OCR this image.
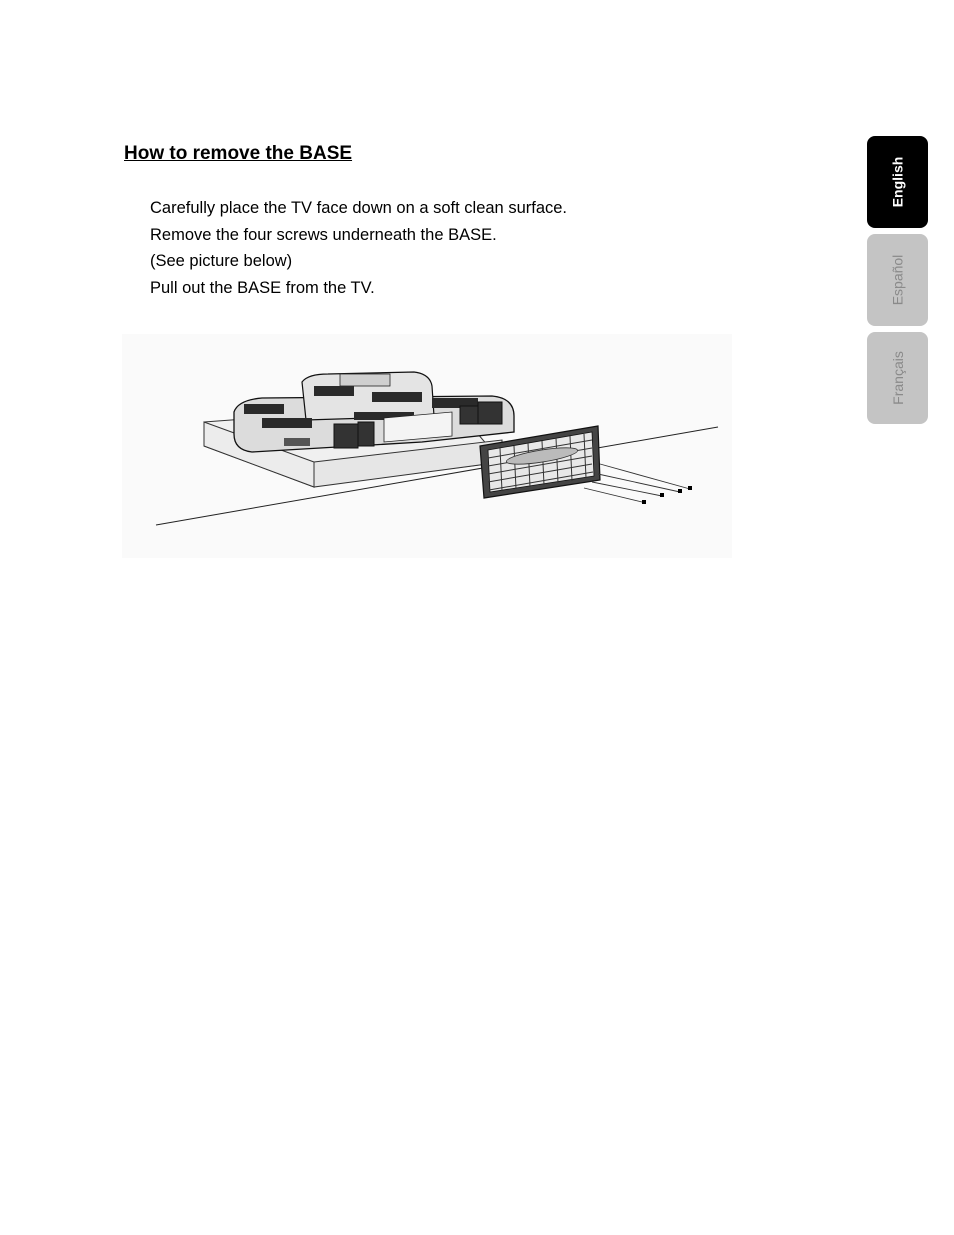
How to remove the BASE
Carefully place the TV face down on a soft clean surface.
Remove the four screws underneath the BASE.
(See picture below)
Pull out the BASE from the TV.
English
Español
Français
